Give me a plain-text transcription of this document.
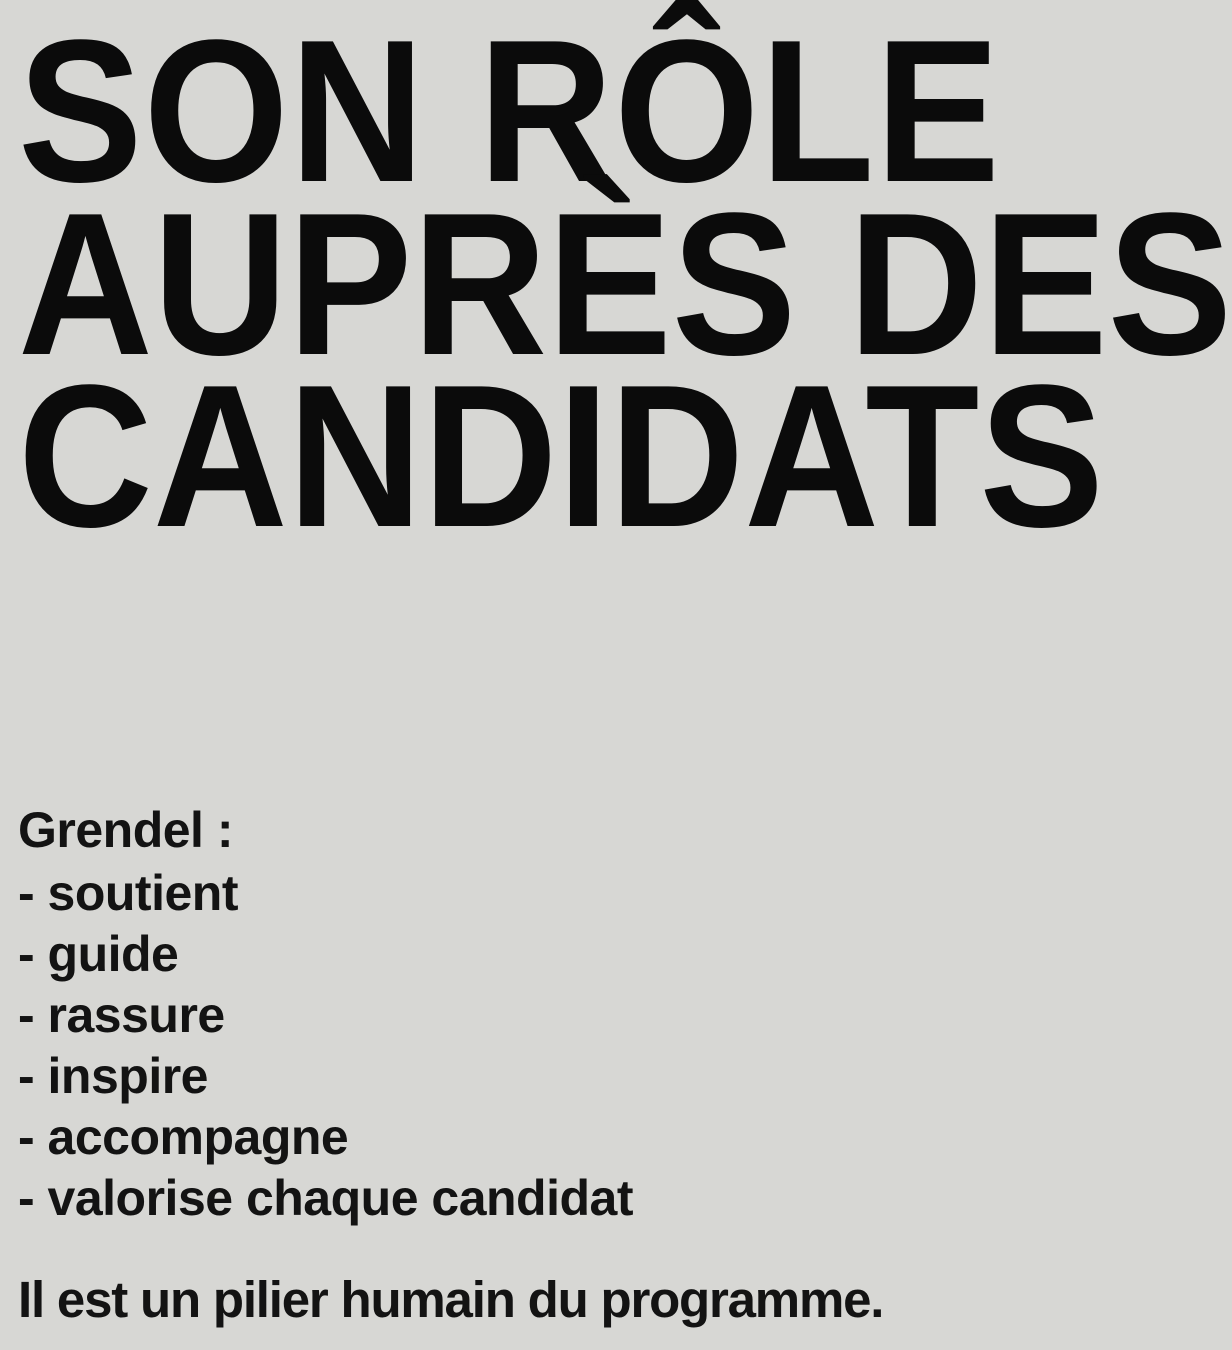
SON RÔLE
AUPRÈS DES
CANDIDATS
Grendel :
- soutient
- guide
- rassure
- inspire
- accompagne
- valorise chaque candidat
Il est un pilier humain du programme.
